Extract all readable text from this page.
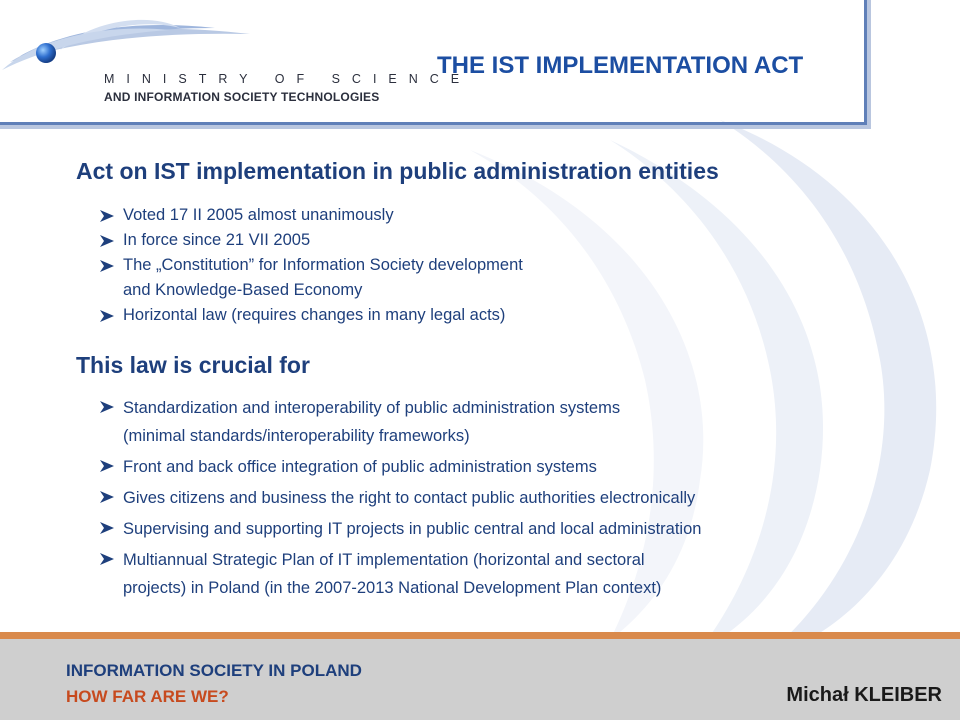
MINISTRY OF SCIENCE
AND INFORMATION SOCIETY TECHNOLOGIES
THE IST IMPLEMENTATION ACT
Act on IST implementation in public administration entities
Voted 17 II 2005 almost unanimously
In force since 21 VII 2005
The „Constitution” for Information Society development
and Knowledge-Based Economy
Horizontal law (requires changes in many legal acts)
This law is crucial for
Standardization and interoperability of public administration systems
(minimal standards/interoperability frameworks)
Front and back office integration of public administration systems
Gives citizens and business the right to contact public authorities electronically
Supervising and supporting IT projects in public central and local administration
Multiannual Strategic Plan of IT implementation (horizontal and sectoral
projects) in Poland (in the 2007-2013 National Development Plan context)
INFORMATION SOCIETY IN POLAND
HOW FAR ARE WE?	Michał KLEIBER
